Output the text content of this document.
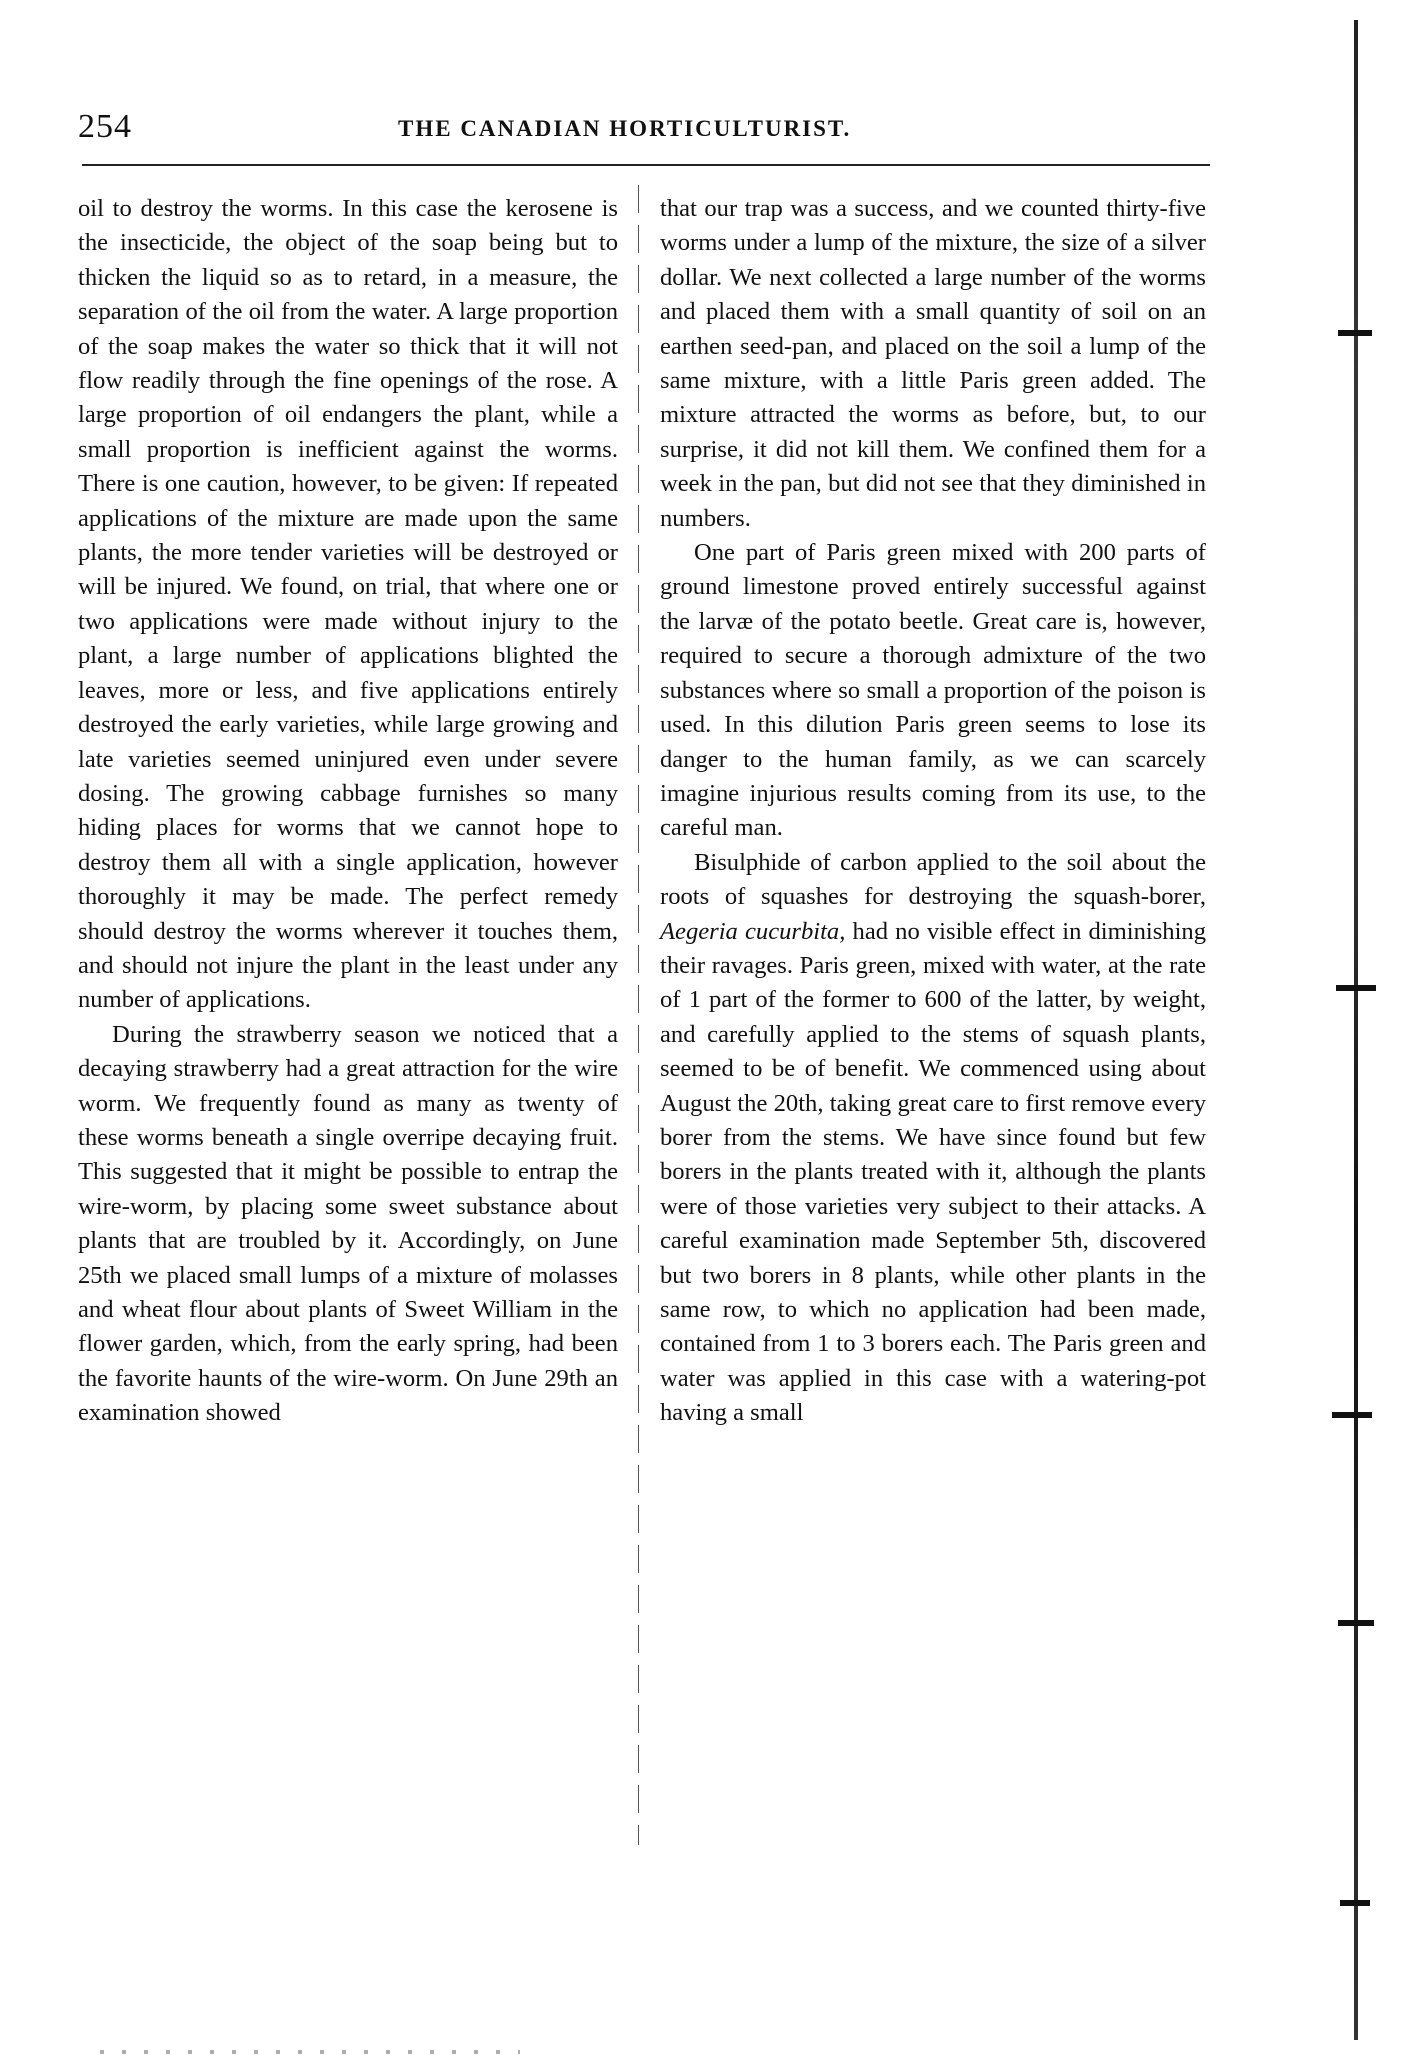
254	THE CANADIAN HORTICULTURIST.

oil to destroy the worms. In this case the kerosene is the insecticide, the object of the soap being but to thicken the liquid so as to retard, in a measure, the separation of the oil from the water. A large proportion of the soap makes the water so thick that it will not flow readily through the fine openings of the rose. A large proportion of oil endangers the plant, while a small proportion is inefficient against the worms. There is one caution, however, to be given: If repeated applications of the mixture are made upon the same plants, the more tender varieties will be destroyed or will be injured. We found, on trial, that where one or two applications were made without injury to the plant, a large number of applications blighted the leaves, more or less, and five applications entirely destroyed the early varieties, while large growing and late varieties seemed uninjured even under severe dosing. The growing cabbage furnishes so many hiding places for worms that we cannot hope to destroy them all with a single application, however thoroughly it may be made. The perfect remedy should destroy the worms wherever it touches them, and should not injure the plant in the least under any number of applications.

During the strawberry season we noticed that a decaying strawberry had a great attraction for the wire worm. We frequently found as many as twenty of these worms beneath a single overripe decaying fruit. This suggested that it might be possible to entrap the wire-worm, by placing some sweet substance about plants that are troubled by it. Accordingly, on June 25th we placed small lumps of a mixture of molasses and wheat flour about plants of Sweet William in the flower garden, which, from the early spring, had been the favorite haunts of the wire-worm. On June 29th an examination showed

that our trap was a success, and we counted thirty-five worms under a lump of the mixture, the size of a silver dollar. We next collected a large number of the worms and placed them with a small quantity of soil on an earthen seed-pan, and placed on the soil a lump of the same mixture, with a little Paris green added. The mixture attracted the worms as before, but, to our surprise, it did not kill them. We confined them for a week in the pan, but did not see that they diminished in numbers.

One part of Paris green mixed with 200 parts of ground limestone proved entirely successful against the larvæ of the potato beetle. Great care is, however, required to secure a thorough admixture of the two substances where so small a proportion of the poison is used. In this dilution Paris green seems to lose its danger to the human family, as we can scarcely imagine injurious results coming from its use, to the careful man.

Bisulphide of carbon applied to the soil about the roots of squashes for destroying the squash-borer, Aegeria cucurbita, had no visible effect in diminishing their ravages. Paris green, mixed with water, at the rate of 1 part of the former to 600 of the latter, by weight, and carefully applied to the stems of squash plants, seemed to be of benefit. We commenced using about August the 20th, taking great care to first remove every borer from the stems. We have since found but few borers in the plants treated with it, although the plants were of those varieties very subject to their attacks. A careful examination made September 5th, discovered but two borers in 8 plants, while other plants in the same row, to which no application had been made, contained from 1 to 3 borers each. The Paris green and water was applied in this case with a watering-pot having a small
